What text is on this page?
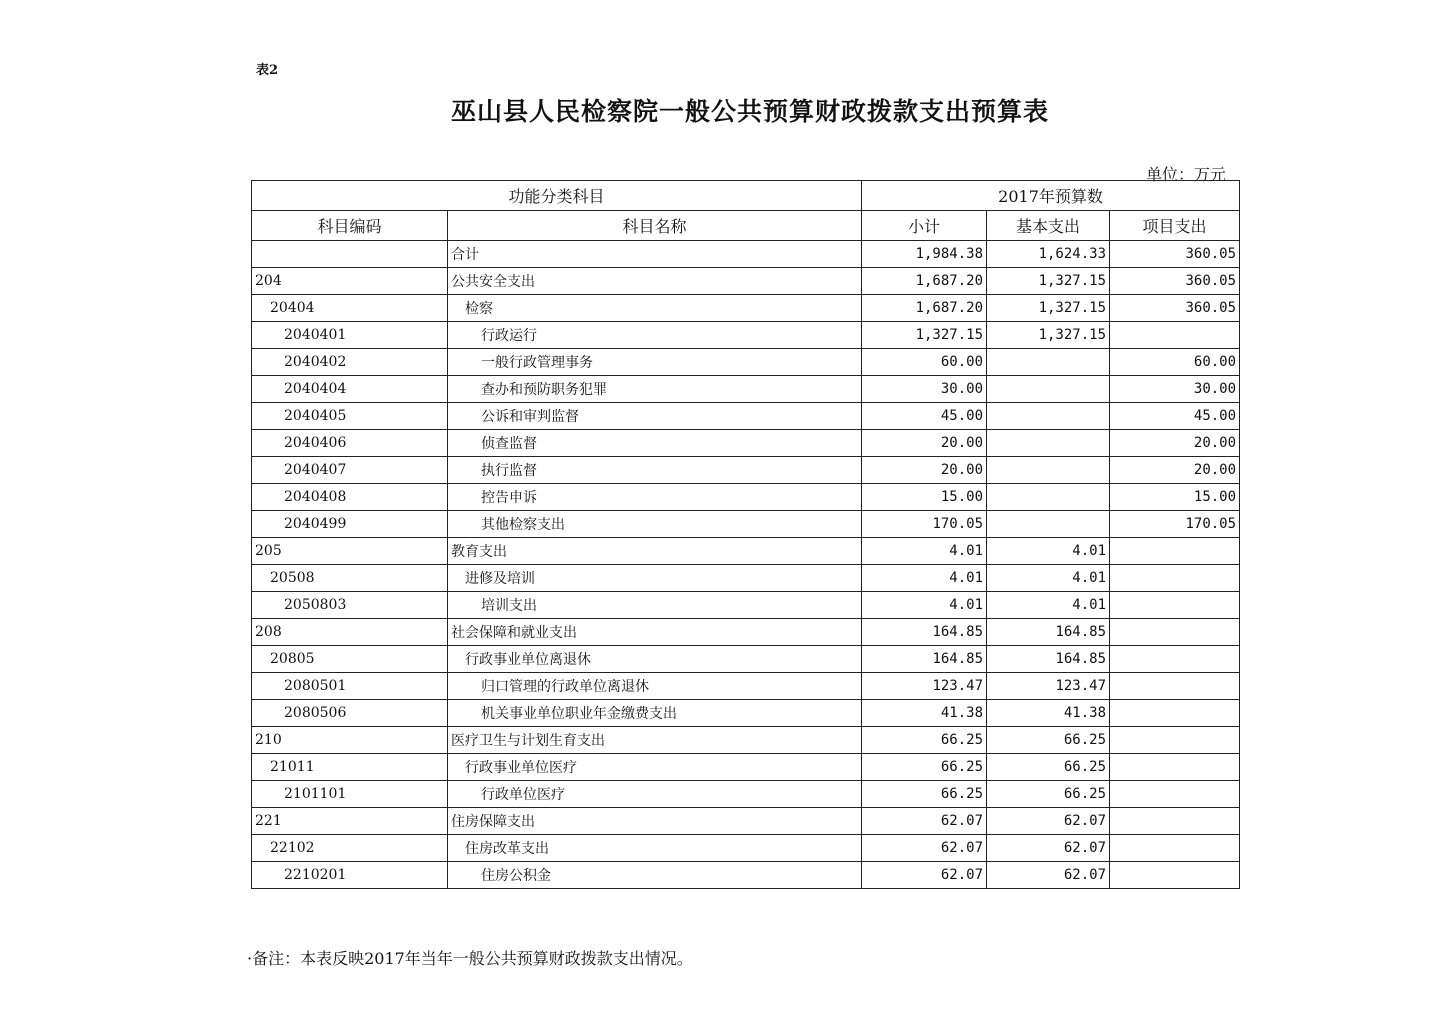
表2
巫山县人民检察院一般公共预算财政拨款支出预算表
单位：万元
功能分类科目		2017年预算数		
科目编码	科目名称	小计	基本支出	项目支出
	合计	1,984.38	1,624.33	360.05
204	公共安全支出	1,687.20	1,327.15	360.05
20404	检察	1,687.20	1,327.15	360.05
2040401	行政运行	1,327.15	1,327.15	
2040402	一般行政管理事务	60.00		60.00
2040404	查办和预防职务犯罪	30.00		30.00
2040405	公诉和审判监督	45.00		45.00
2040406	侦查监督	20.00		20.00
2040407	执行监督	20.00		20.00
2040408	控告申诉	15.00		15.00
2040499	其他检察支出	170.05		170.05
205	教育支出	4.01	4.01	
20508	进修及培训	4.01	4.01	
2050803	培训支出	4.01	4.01	
208	社会保障和就业支出	164.85	164.85	
20805	行政事业单位离退休	164.85	164.85	
2080501	归口管理的行政单位离退休	123.47	123.47	
2080506	机关事业单位职业年金缴费支出	41.38	41.38	
210	医疗卫生与计划生育支出	66.25	66.25	
21011	行政事业单位医疗	66.25	66.25	
2101101	行政单位医疗	66.25	66.25	
221	住房保障支出	62.07	62.07	
22102	住房改革支出	62.07	62.07	
2210201	住房公积金	62.07	62.07	
·备注：本表反映2017年当年一般公共预算财政拨款支出情况。
